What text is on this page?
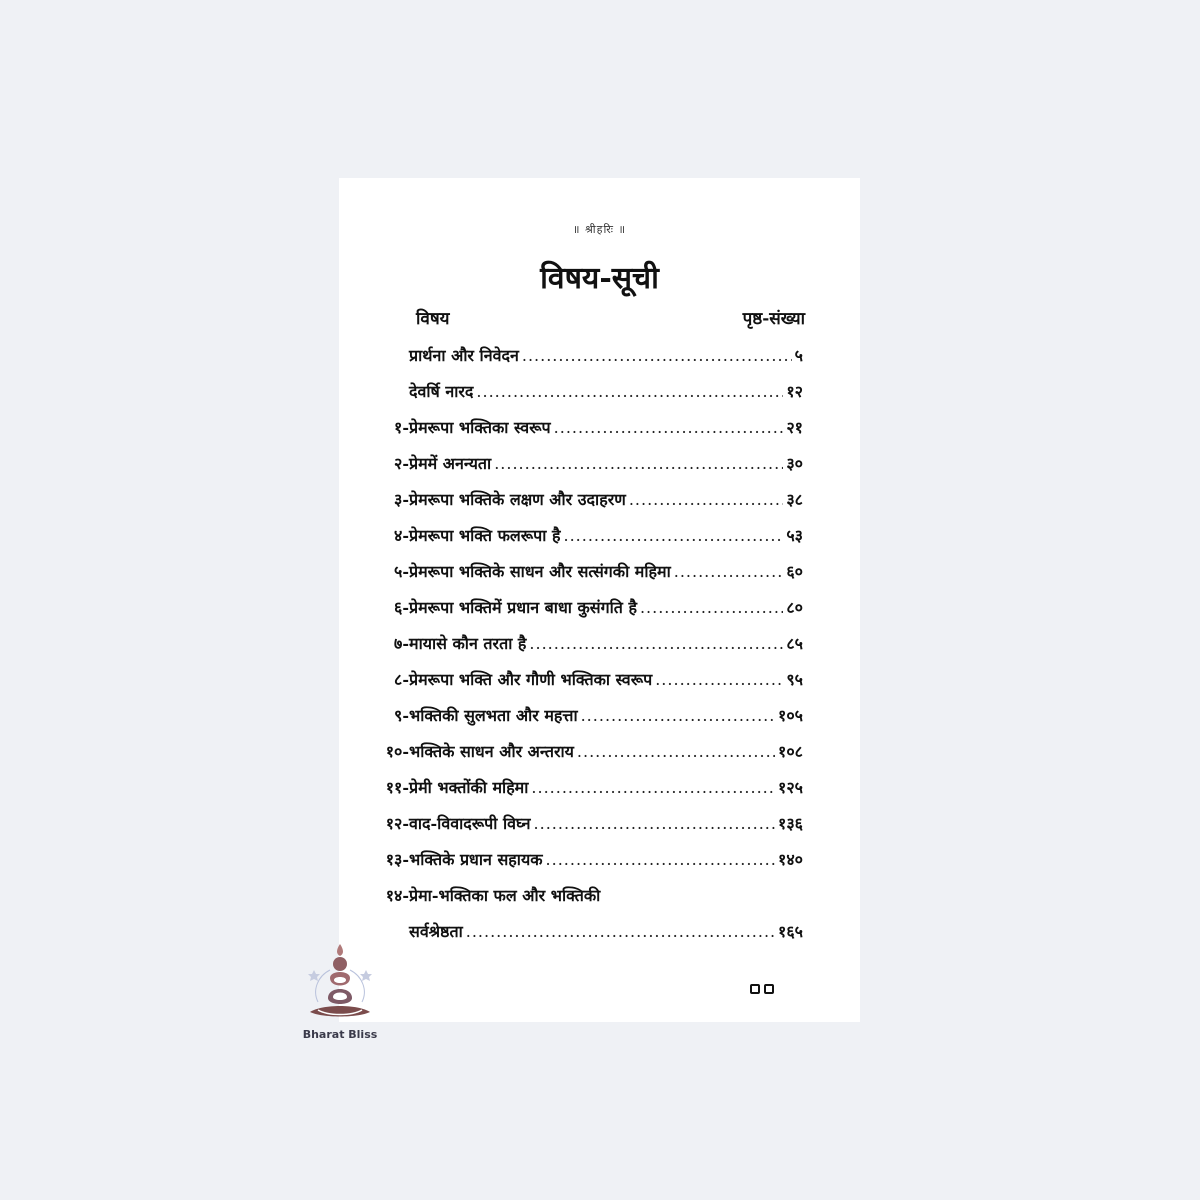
॥ श्रीहरिः ॥
विषय-सूची
विषय	पृष्ठ-संख्या
प्रार्थना और निवेदन .....	५
देवर्षि नारद .....	१२
१- प्रेमरूपा भक्तिका स्वरूप .....	२१
२- प्रेममें अनन्यता .....	३०
३- प्रेमरूपा भक्तिके लक्षण और उदाहरण .....	३८
४- प्रेमरूपा भक्ति फलरूपा है .....	५३
५- प्रेमरूपा भक्तिके साधन और सत्संगकी महिमा .....	६०
६- प्रेमरूपा भक्तिमें प्रधान बाधा कुसंगति है .....	८०
७- मायासे कौन तरता है .....	८५
८- प्रेमरूपा भक्ति और गौणी भक्तिका स्वरूप .....	९५
९- भक्तिकी सुलभता और महत्ता .....	१०५
१०- भक्तिके साधन और अन्तराय .....	१०८
११- प्रेमी भक्तोंकी महिमा .....	१२५
१२- वाद-विवादरूपी विघ्न .....	१३६
१३- भक्तिके प्रधान सहायक .....	१४०
१४- प्रेमा-भक्तिका फल और भक्तिकी
सर्वश्रेष्ठता .....	१६५
Bharat Bliss
